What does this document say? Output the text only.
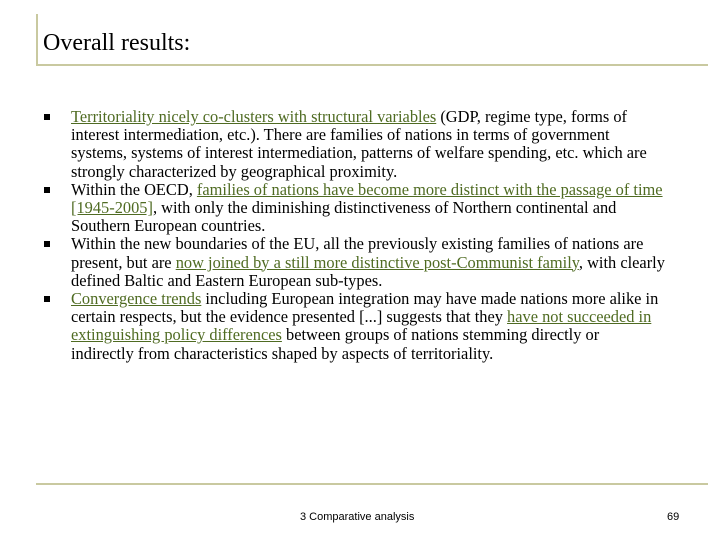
Overall results:
Territoriality nicely co-clusters with structural variables (GDP, regime type, forms of interest intermediation, etc.). There are families of nations in terms of government systems, systems of interest intermediation, patterns of welfare spending, etc. which are strongly characterized by geographical proximity.
Within the OECD, families of nations have become more distinct with the passage of time [1945-2005], with only the diminishing distinctiveness of Northern continental and Southern European countries.
Within the new boundaries of the EU, all the previously existing families of nations are present, but are now joined by a still more distinctive post-Communist family, with clearly defined Baltic and Eastern European sub-types.
Convergence trends including European integration may have made nations more alike in certain respects, but the evidence presented [...] suggests that they have not succeeded in extinguishing policy differences between groups of nations stemming directly or indirectly from characteristics shaped by aspects of territoriality.
3 Comparative analysis	69
